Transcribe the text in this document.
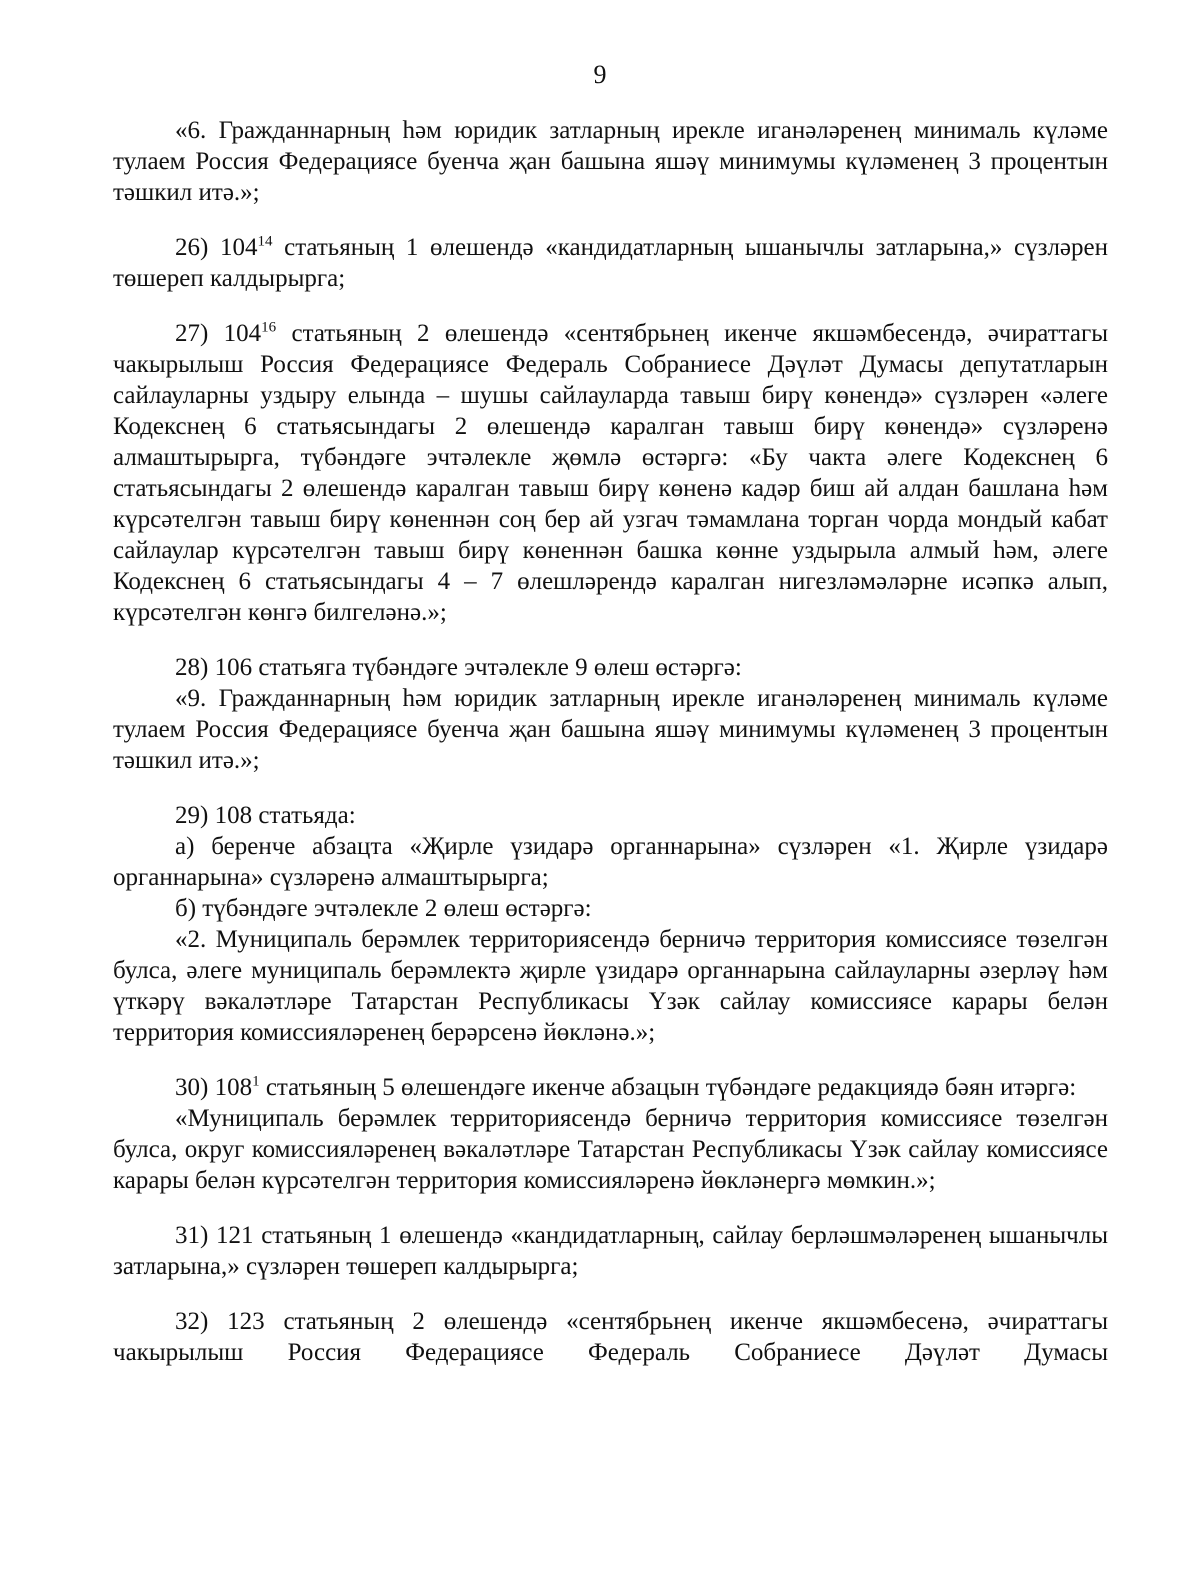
9

«6. Гражданнарның һәм юридик затларның ирекле иганәләренең минималь күләме тулаем Россия Федерациясе буенча җан башына яшәү минимумы күләменең 3 процентын тәшкил итә.»;

26) $104^{14}$ статьяның 1 өлешендә «кандидатларның ышанычлы затларына,» сүзләрен төшереп калдырырга;

27) $104^{16}$ статьяның 2 өлешендә «сентябрьнең икенче якшәмбесендә, әчираттагы чакырылыш Россия Федерациясе Федераль Собраниесе Дәүләт Думасы депутатларын сайлауларны уздыру елында – шушы сайлауларда тавыш бирү көнендә» сүзләрен «әлеге Кодекснең 6 статьясындагы 2 өлешендә каралган тавыш бирү көнендә» сүзләренә алмаштырырга, түбәндәге эчтәлекле җөмлә өстәргә: «Бу чакта әлеге Кодекснең 6 статьясындагы 2 өлешендә каралган тавыш бирү көненә кадәр биш ай алдан башлана һәм күрсәтелгән тавыш бирү көненнән соң бер ай узгач тәмамлана торган чорда мондый кабат сайлаулар күрсәтелгән тавыш бирү көненнән башка көнне уздырыла алмый һәм, әлеге Кодекснең 6 статьясындагы 4 – 7 өлешләрендә каралган нигезләмәләрне исәпкә алып, күрсәтелгән көнгә билгеләнә.»;

28) 106 статьяга түбәндәге эчтәлекле 9 өлеш өстәргә:

«9. Гражданнарның һәм юридик затларның ирекле иганәләренең минималь күләме тулаем Россия Федерациясе буенча җан башына яшәү минимумы күләменең 3 процентын тәшкил итә.»;

29) 108 статьяда:

а) беренче абзацта «Җирле үзидарә органнарына» сүзләрен «1. Җирле үзидарә органнарына» сүзләренә алмаштырырга;

б) түбәндәге эчтәлекле 2 өлеш өстәргә:

«2. Муниципаль берәмлек территориясендә берничә территория комиссиясе төзелгән булса, әлеге муниципаль берәмлектә җирле үзидарә органнарына сайлауларны әзерләү һәм үткәрү вәкаләтләре Татарстан Республикасы Үзәк сайлау комиссиясе карары белән территория комиссияләренең берәрсенә йөкләнә.»;

30) $108^1$ статьяның 5 өлешендәге икенче абзацын түбәндәге редакциядә бәян итәргә:

«Муниципаль берәмлек территориясендә берничә территория комиссиясе төзелгән булса, округ комиссияләренең вәкаләтләре Татарстан Республикасы Үзәк сайлау комиссиясе карары белән күрсәтелгән территория комиссияләренә йөкләнергә мөмкин.»;

31) 121 статьяның 1 өлешендә «кандидатларның, сайлау берләшмәләренең ышанычлы затларына,» сүзләрен төшереп калдырырга;

32) 123 статьяның 2 өлешендә «сентябрьнең икенче якшәмбесенә, әчираттагы чакырылыш Россия Федерациясе Федераль Собраниесе Дәүләт Думасы
